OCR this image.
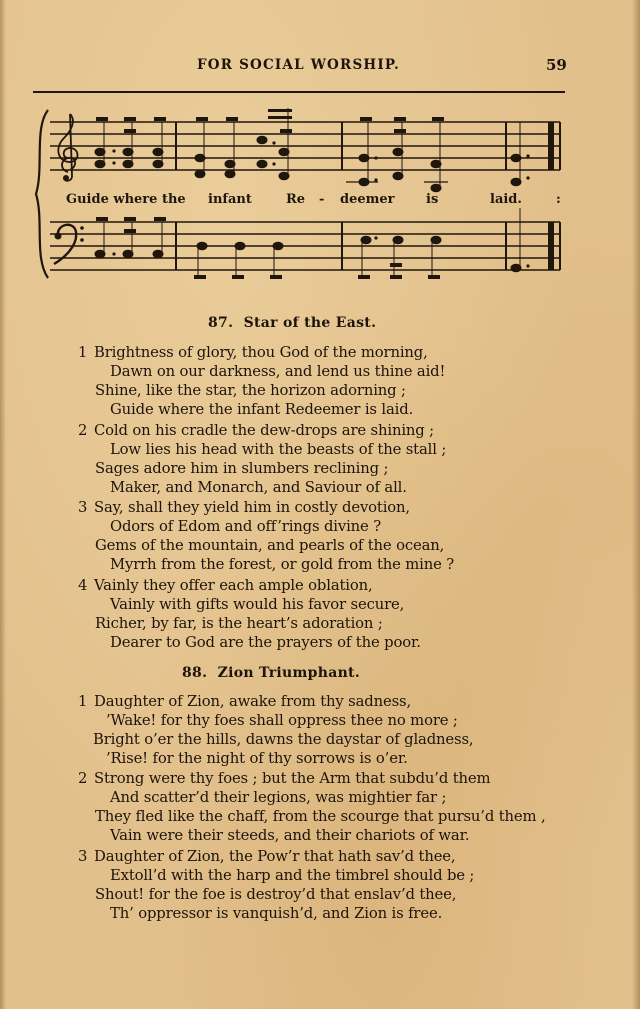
FOR SOCIAL WORSHIP.	59
Guide where the infant	Re - deemer is	laid.	:
87. Star of the East.
1 Brightness of glory, thou God of the morning,
Dawn on our darkness, and lend us thine aid!
Shine, like the star, the horizon adorning ;
Guide where the infant Redeemer is laid.
2 Cold on his cradle the dew-drops are shining ;
Low lies his head with the beasts of the stall ;
Sages adore him in slumbers reclining ;
Maker, and Monarch, and Saviour of all.
3 Say, shall they yield him in costly devotion,
Odors of Edom and off’rings divine ?
Gems of the mountain, and pearls of the ocean,
Myrrh from the forest, or gold from the mine ?
4 Vainly they offer each ample oblation,
Vainly with gifts would his favor secure,
Richer, by far, is the heart’s adoration ;
Dearer to God are the prayers of the poor.
88. Zion Triumphant.
1 Daughter of Zion, awake from thy sadness,
’Wake! for thy foes shall oppress thee no more ;
Bright o’er the hills, dawns the daystar of gladness,
’Rise! for the night of thy sorrows is o’er.
2 Strong were thy foes ; but the Arm that subdu’d them
And scatter’d their legions, was mightier far ;
They fled like the chaff, from the scourge that pursu’d them ,
Vain were their steeds, and their chariots of war.
3 Daughter of Zion, the Pow’r that hath sav’d thee,
Extoll’d with the harp and the timbrel should be ;
Shout! for the foe is destroy’d that enslav’d thee,
Th’ oppressor is vanquish’d, and Zion is free.
